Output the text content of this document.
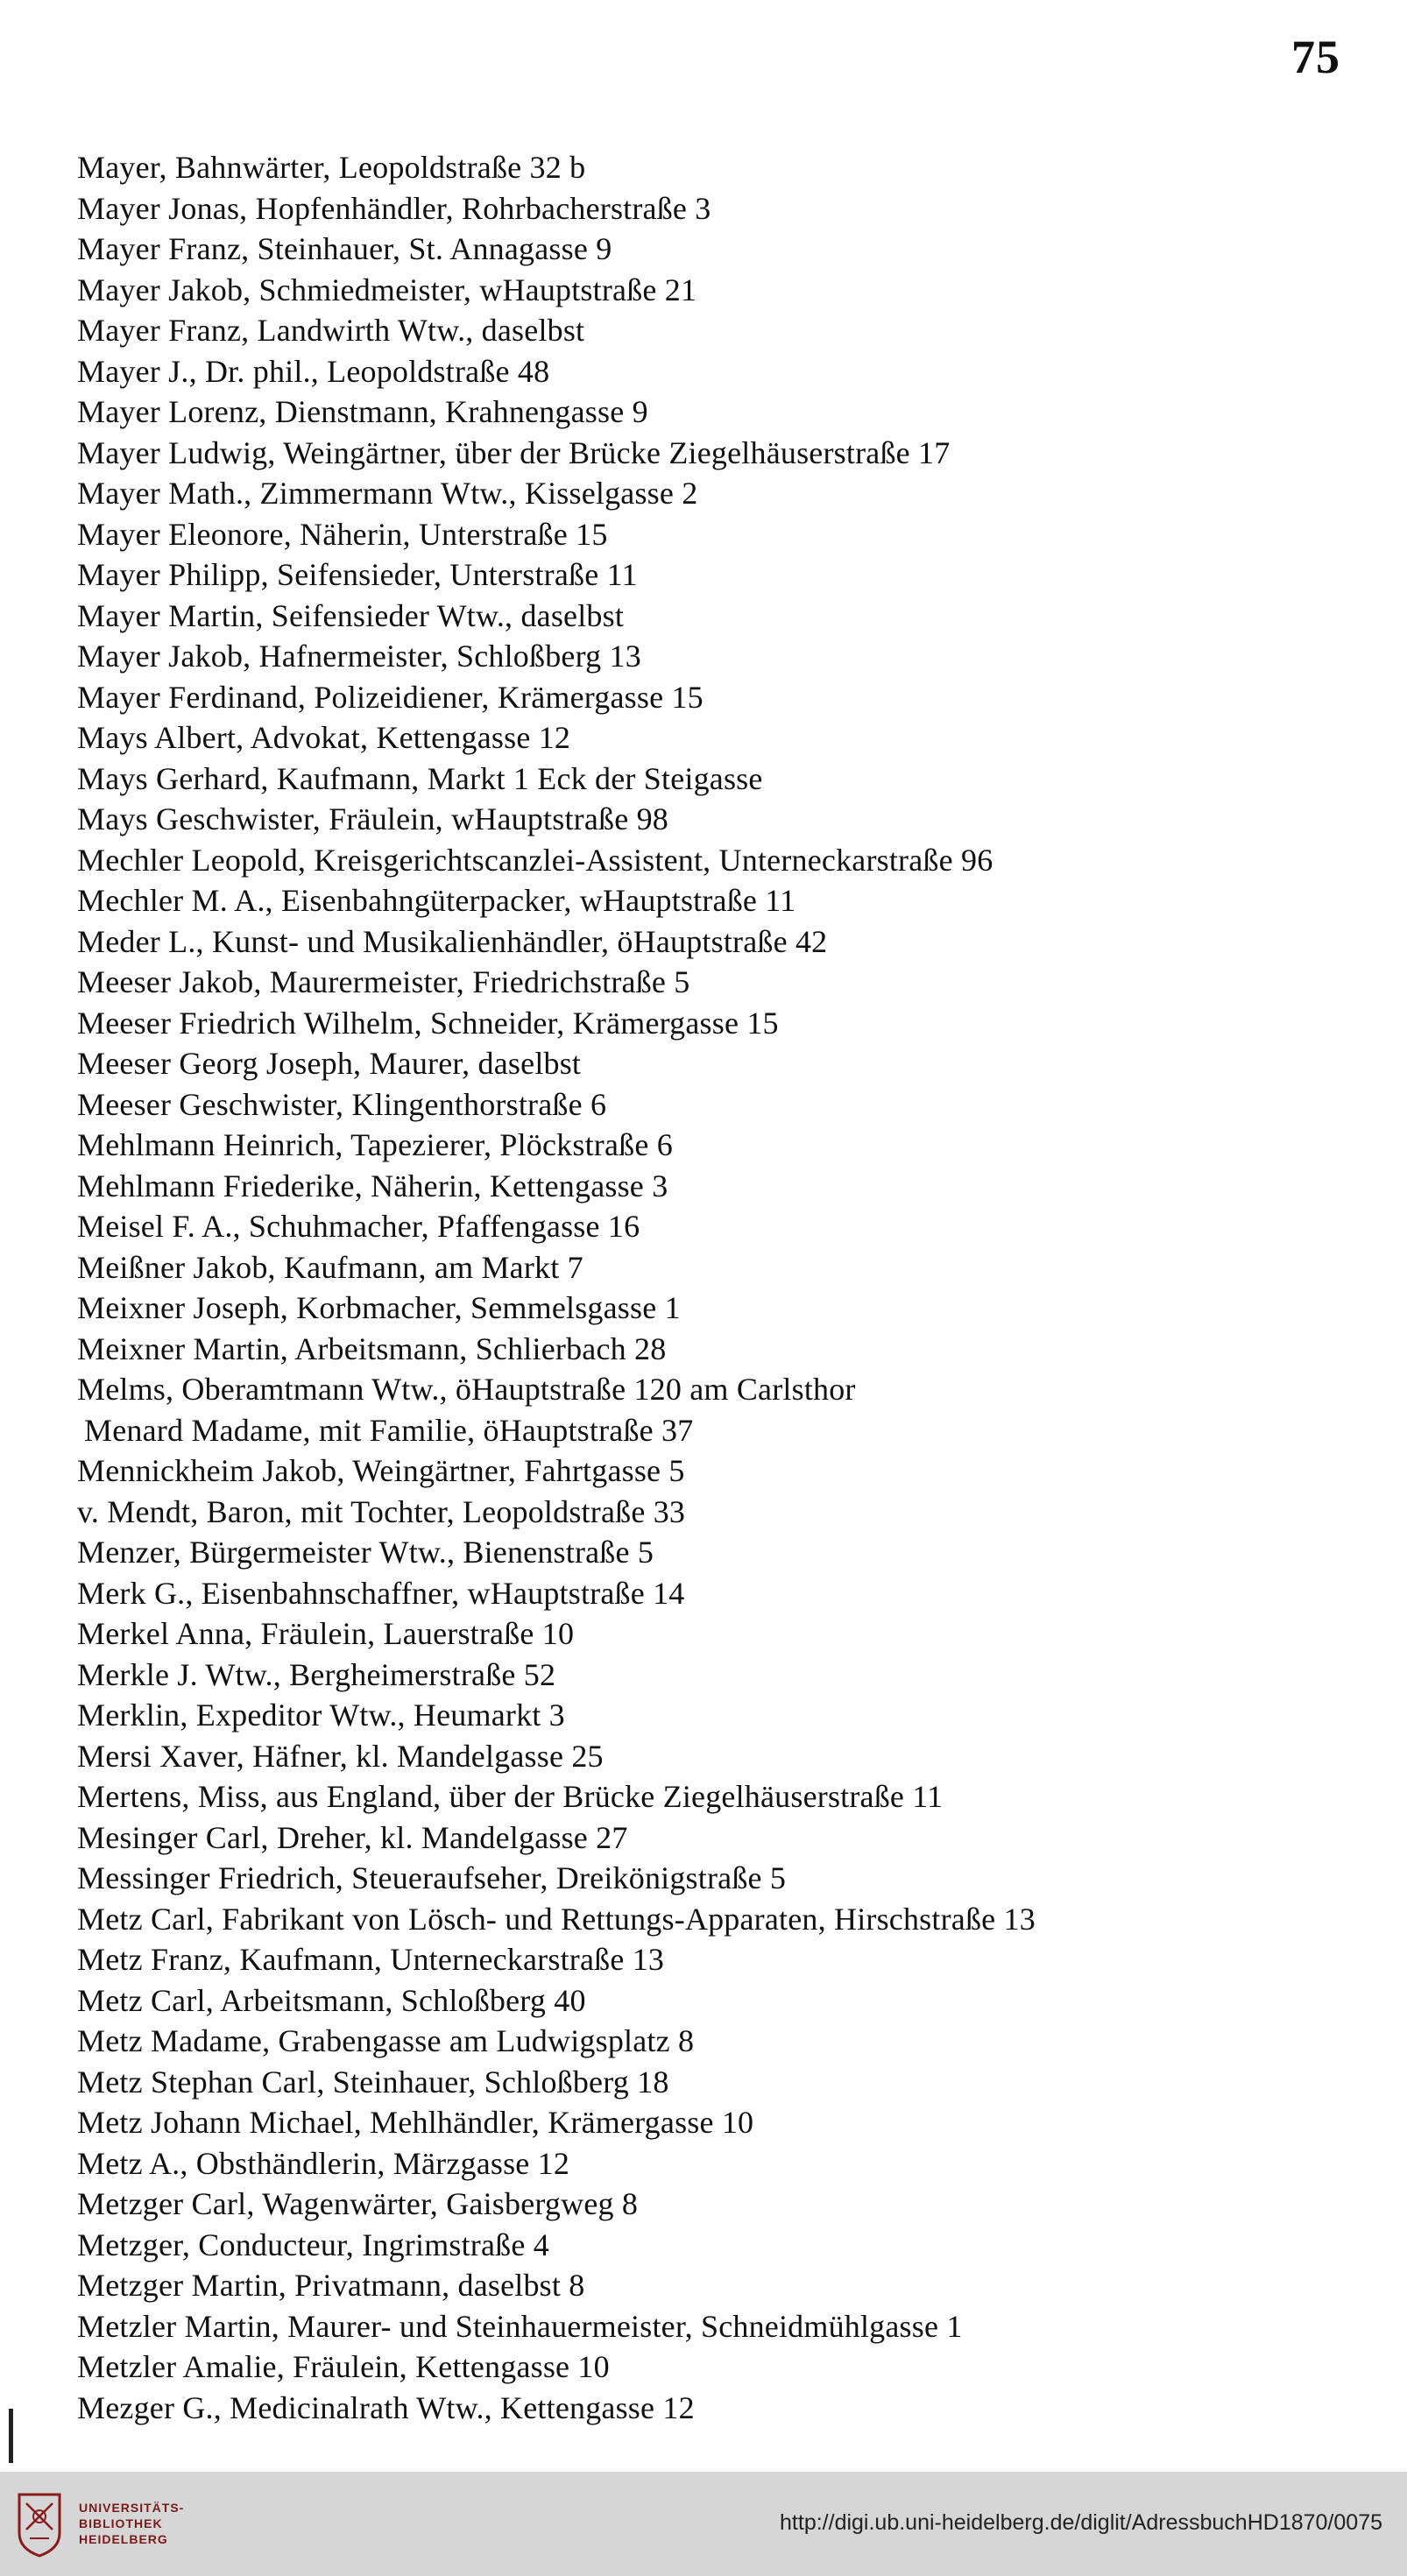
75
Mayer, Bahnwärter, Leopoldstraße 32 b
Mayer Jonas, Hopfenhändler, Rohrbacherstraße 3
Mayer Franz, Steinhauer, St. Annagasse 9
Mayer Jakob, Schmiedmeister, wHauptstraße 21
Mayer Franz, Landwirth Wtw., daselbst
Mayer J., Dr. phil., Leopoldstraße 48
Mayer Lorenz, Dienstmann, Krahnengasse 9
Mayer Ludwig, Weingärtner, über der Brücke Ziegelhäuserstraße 17
Mayer Math., Zimmermann Wtw., Kisselgasse 2
Mayer Eleonore, Näherin, Unterstraße 15
Mayer Philipp, Seifensieder, Unterstraße 11
Mayer Martin, Seifensieder Wtw., daselbst
Mayer Jakob, Hafnermeister, Schloßberg 13
Mayer Ferdinand, Polizeidiener, Krämergasse 15
Mays Albert, Advokat, Kettengasse 12
Mays Gerhard, Kaufmann, Markt 1 Eck der Steigasse
Mays Geschwister, Fräulein, wHauptstraße 98
Mechler Leopold, Kreisgerichtscanzlei-Assistent, Unterneckarstraße 96
Mechler M. A., Eisenbahngüterpacker, wHauptstraße 11
Meder L., Kunst- und Musikalienhändler, öHauptstraße 42
Meeser Jakob, Maurermeister, Friedrichstraße 5
Meeser Friedrich Wilhelm, Schneider, Krämergasse 15
Meeser Georg Joseph, Maurer, daselbst
Meeser Geschwister, Klingenthorstraße 6
Mehlmann Heinrich, Tapezierer, Plöckstraße 6
Mehlmann Friederike, Näherin, Kettengasse 3
Meisel F. A., Schuhmacher, Pfaffengasse 16
Meißner Jakob, Kaufmann, am Markt 7
Meixner Joseph, Korbmacher, Semmelsgasse 1
Meixner Martin, Arbeitsmann, Schlierbach 28
Melms, Oberamtmann Wtw., öHauptstraße 120 am Carlsthor
Menard Madame, mit Familie, öHauptstraße 37
Mennickheim Jakob, Weingärtner, Fahrtgasse 5
v. Mendt, Baron, mit Tochter, Leopoldstraße 33
Menzer, Bürgermeister Wtw., Bienenstraße 5
Merk G., Eisenbahnschaffner, wHauptstraße 14
Merkel Anna, Fräulein, Lauerstraße 10
Merkle J. Wtw., Bergheimerstraße 52
Merklin, Expeditor Wtw., Heumarkt 3
Mersi Xaver, Häfner, kl. Mandelgasse 25
Mertens, Miss, aus England, über der Brücke Ziegelhäuserstraße 11
Mesinger Carl, Dreher, kl. Mandelgasse 27
Messinger Friedrich, Steueraufseher, Dreikönigstraße 5
Metz Carl, Fabrikant von Lösch- und Rettungs-Apparaten, Hirschstraße 13
Metz Franz, Kaufmann, Unterneckarstraße 13
Metz Carl, Arbeitsmann, Schloßberg 40
Metz Madame, Grabengasse am Ludwigsplatz 8
Metz Stephan Carl, Steinhauer, Schloßberg 18
Metz Johann Michael, Mehlhändler, Krämergasse 10
Metz A., Obsthändlerin, Märzgasse 12
Metzger Carl, Wagenwärter, Gaisbergweg 8
Metzger, Conducteur, Ingrimstraße 4
Metzger Martin, Privatmann, daselbst 8
Metzler Martin, Maurer- und Steinhauermeister, Schneidmühlgasse 1
Metzler Amalie, Fräulein, Kettengasse 10
Mezger G., Medicinalrath Wtw., Kettengasse 12
UNIVERSITÄTS-
BIBLIOTHEK
HEIDELBERG
http://digi.ub.uni-heidelberg.de/diglit/AdressbuchHD1870/0075
